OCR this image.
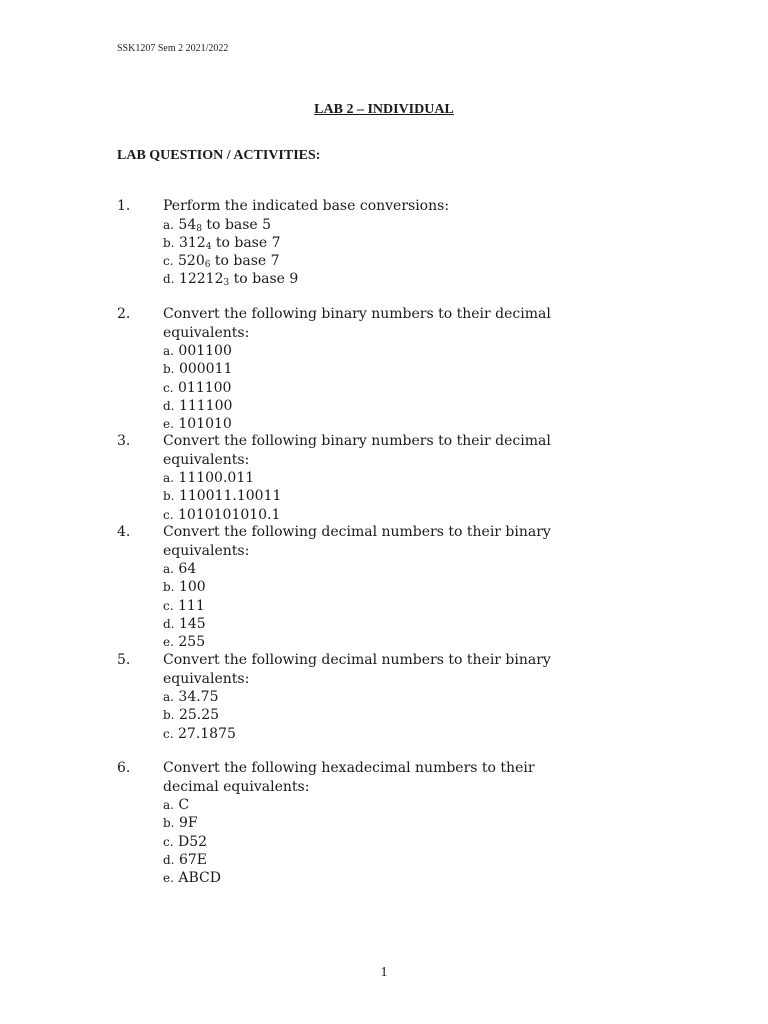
SSK1207 Sem 2 2021/2022
LAB 2 – INDIVIDUAL
LAB QUESTION / ACTIVITIES:
1. Perform the indicated base conversions:
a. $54_8$ to base 5
b. $312_4$ to base 7
c. $520_6$ to base 7
d. $12212_3$ to base 9
2. Convert the following binary numbers to their decimal equivalents:
a. 001100
b. 000011
c. 011100
d. 111100
e. 101010
3. Convert the following binary numbers to their decimal equivalents:
a. 11100.011
b. 110011.10011
c. 1010101010.1
4. Convert the following decimal numbers to their binary equivalents:
a. 64
b. 100
c. 111
d. 145
e. 255
5. Convert the following decimal numbers to their binary equivalents:
a. 34.75
b. 25.25
c. 27.1875
6. Convert the following hexadecimal numbers to their decimal equivalents:
a. C
b. 9F
c. D52
d. 67E
e. ABCD
1
